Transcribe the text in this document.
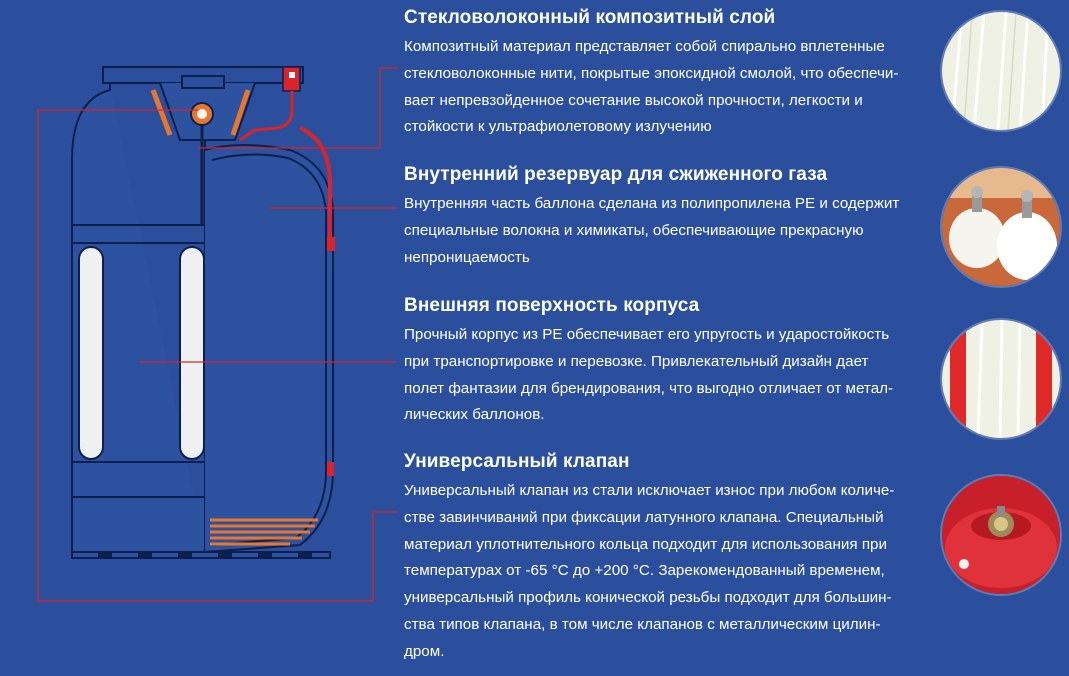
Стекловолоконный композитный слой

Композитный материал представляет собой спирально вплетенные
стекловолоконные нити, покрытые эпоксидной смолой, что обеспечи-
вает непревзойденное сочетание высокой прочности, легкости и
стойкости к ультрафиолетовому излучению

Внутренний резервуар для сжиженного газа

Внутренняя часть баллона сделана из полипропилена PE и содержит
специальные волокна и химикаты, обеспечивающие прекрасную
непроницаемость

Внешняя поверхность корпуса

Прочный корпус из PE обеспечивает его упругость и ударостойкость
при транспортировке и перевозке. Привлекательный дизайн дает
полет фантазии для брендирования, что выгодно отличает от метал-
лических баллонов.

Универсальный клапан

Универсальный клапан из стали исключает износ при любом количе-
стве завинчиваний при фиксации латунного клапана. Специальный
материал уплотнительного кольца подходит для использования при
температурах от -65 °С до +200 °С. Зарекомендованный временем,
универсальный профиль конической резьбы подходит для большин-
ства типов клапана, в том числе клапанов с металлическим цилин-
дром.
